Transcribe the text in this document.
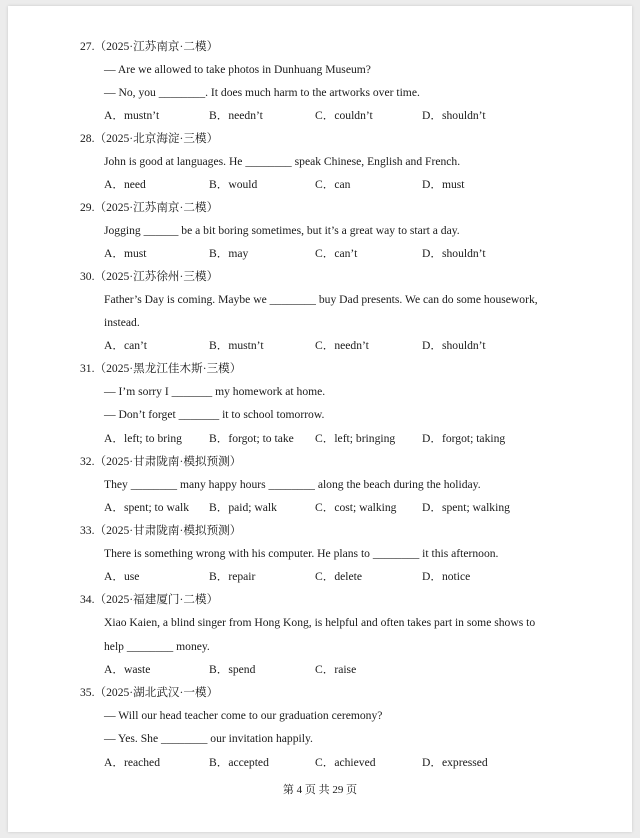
27.（2025·江苏南京·二模）
— Are we allowed to take photos in Dunhuang Museum?
— No, you ________. It does much harm to the artworks over time.
A．mustn’t	B．needn’t	C．couldn’t	D．shouldn’t
28.（2025·北京海淀·三模）
John is good at languages. He ________ speak Chinese, English and French.
A．need	B．would	C．can	D．must
29.（2025·江苏南京·二模）
Jogging ______ be a bit boring sometimes, but it’s a great way to start a day.
A．must	B．may	C．can’t	D．shouldn’t
30.（2025·江苏徐州·三模）
Father’s Day is coming. Maybe we ________ buy Dad presents. We can do some housework,
instead.
A．can’t	B．mustn’t	C．needn’t	D．shouldn’t
31.（2025·黑龙江佳木斯·三模）
— I’m sorry I _______ my homework at home.
— Don’t forget _______ it to school tomorrow.
A．left; to bring B．forgot; to take C．left; bringing D．forgot; taking
32.（2025·甘肃陇南·模拟预测）
They ________ many happy hours ________ along the beach during the holiday.
A．spent; to walk B．paid; walk	C．cost; walking D．spent; walking
33.（2025·甘肃陇南·模拟预测）
There is something wrong with his computer. He plans to ________ it this afternoon.
A．use	B．repair	C．delete	D．notice
34.（2025·福建厦门·二模）
Xiao Kaien, a blind singer from Hong Kong, is helpful and often takes part in some shows to
help ________ money.
A．waste	B．spend	C．raise
35.（2025·湖北武汉·一模）
— Will our head teacher come to our graduation ceremony?
— Yes. She ________ our invitation happily.
A．reached	B．accepted	C．achieved	D．expressed
第 4 页 共 29 页
